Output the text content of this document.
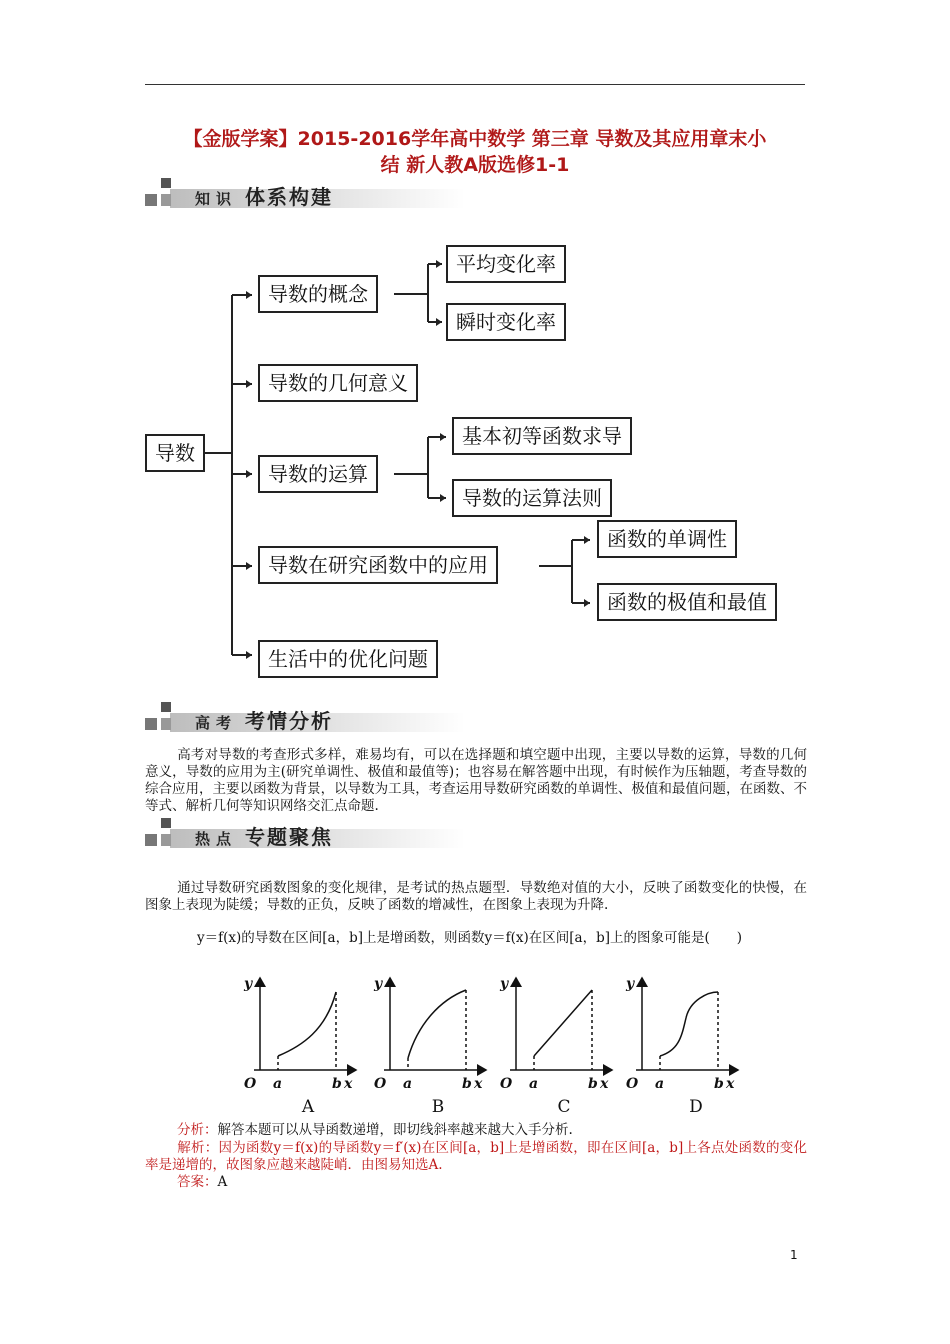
【金版学案】2015-2016学年高中数学 第三章 导数及其应用章末小
结 新人教A版选修1-1
知识 体系构建
导数
导数的概念
平均变化率
瞬时变化率
导数的几何意义
导数的运算
基本初等函数求导
导数的运算法则
导数在研究函数中的应用
函数的单调性
函数的极值和最值
生活中的优化问题
高考 考情分析
高考对导数的考查形式多样，难易均有，可以在选择题和填空题中出现，主要以导数的运算，导数的几何意义，导数的应用为主(研究单调性、极值和最值等)；也容易在解答题中出现，有时候作为压轴题，考查导数的综合应用，主要以函数为背景，以导数为工具，考查运用导数研究函数的单调性、极值和最值问题，在函数、不等式、解析几何等知识网络交汇点命题.
热点 专题聚焦
通过导数研究函数图象的变化规律，是考试的热点题型．导数绝对值的大小，反映了函数变化的快慢，在图象上表现为陡缓；导数的正负，反映了函数的增减性，在图象上表现为升降.
y＝f(x)的导数在区间[a，b]上是增函数，则函数y＝f(x)在区间[a，b]上的图象可能是(　　)
y
x
O a	b
y
x
O a	b
y
x
O a	b
y
x
O a	b
A	B	C	D
分析：解答本题可以从导函数递增，即切线斜率越来越大入手分析.
解析：因为函数y＝f(x)的导函数y＝f′(x)在区间[a，b]上是增函数，即在区间[a，b]上各点处函数的变化率是递增的，故图象应越来越陡峭．由图易知选A.
答案：A
1
